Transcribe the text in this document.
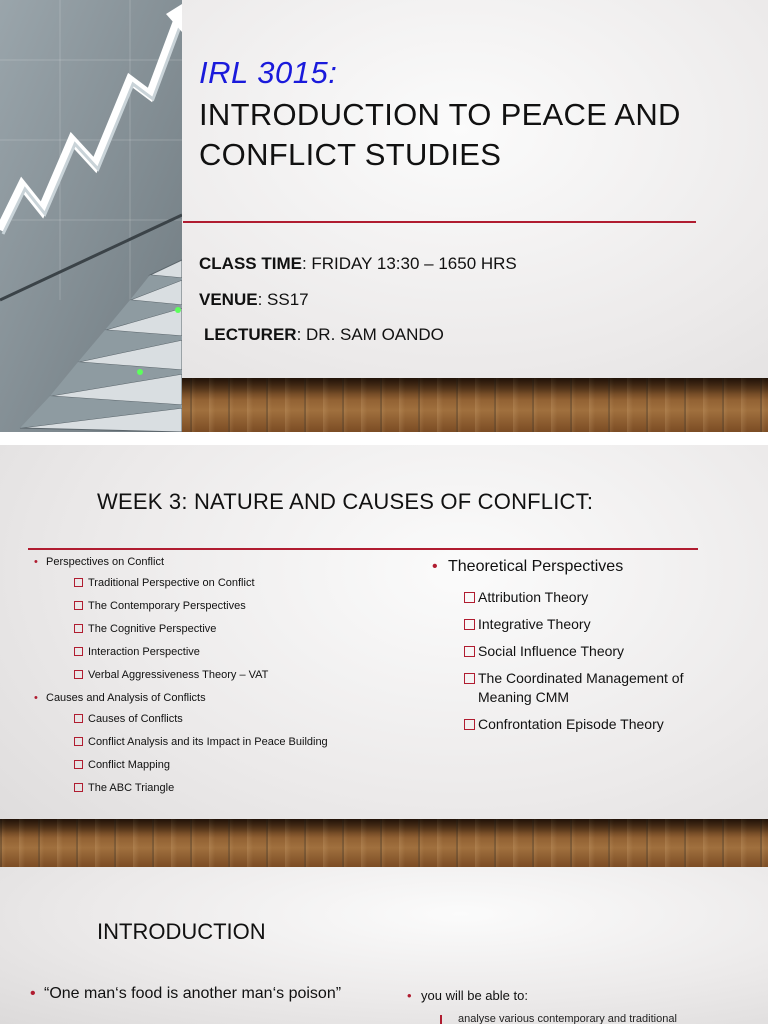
IRL 3015:
INTRODUCTION TO PEACE AND CONFLICT STUDIES
CLASS TIME: FRIDAY 13:30 – 1650 HRS
VENUE: SS17
LECTURER: DR. SAM OANDO
WEEK 3: NATURE AND CAUSES OF CONFLICT:
• Perspectives on Conflict
Traditional Perspective on Conflict
The Contemporary Perspectives
The Cognitive Perspective
Interaction Perspective
Verbal Aggressiveness Theory – VAT
• Causes and Analysis of Conflicts
Causes of Conflicts
Conflict Analysis and its Impact in Peace Building
Conflict Mapping
The ABC Triangle
• Theoretical Perspectives
Attribution Theory
Integrative Theory
Social Influence Theory
The Coordinated Management of Meaning CMM
Confrontation Episode Theory
INTRODUCTION
• “One man‘s food is another man‘s poison”
•	you will be able to:
analyse various contemporary and traditional
